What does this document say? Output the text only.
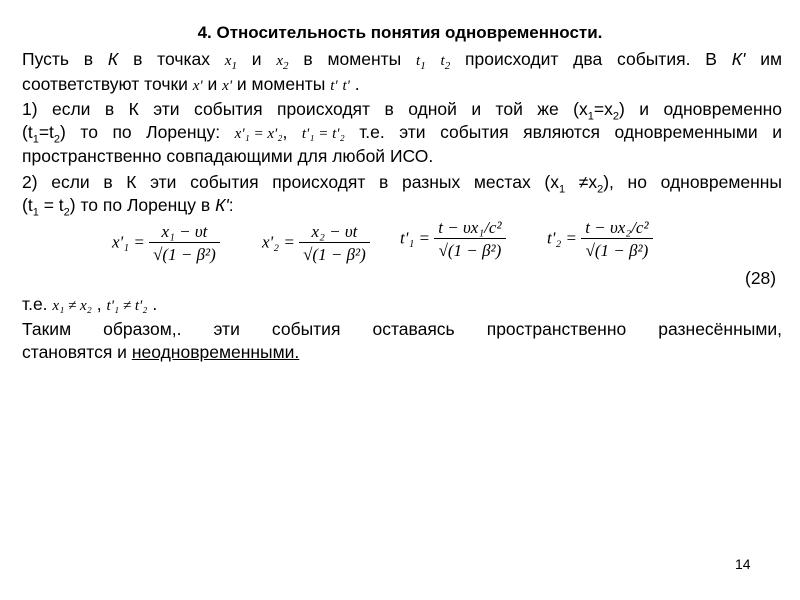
4. Относительность понятия одновременности.
Пусть в К в точках $x_1$ и $x_2$ в моменты $t_1$ $t_2$ происходит два события. В К' им
соответствуют точки x' и x' и моменты t' t' .
1) если в К эти события происходят в одной и той же $(x_1=x_2)$ и одновременно
$(t_1=t_2)$ то по Лоренцу: x'₁ = x'₂, t'₁ = t'₂ т.е. эти события являются одновременными и
пространственно совпадающими для любой ИСО.
2) если в К эти события происходят в разных местах $(x_1 \ne x_2)$, но одновременны
$(t_1 = t_2)$ то по Лоренцу в К':
$x'_1 = \frac{\text{x₁ − υt}}{\text{√(1 − β²)}} x'_2 = \frac{\text{x₂ − υt}}{\text{√(1 − β²)}} t'_1 = \frac{\text{t − υx₁/c²}}{\text{√(1 − β²)}} t'_2 = \frac{\text{t − υx₂/c²}}{\text{√(1 − β²)}}$
(28)
т.е. x₁ ≠ x₂ , t'₁ ≠ t'₂ .
Таким образом,. эти события оставаясь пространственно разнесёнными,
становятся и неодновременными.
14
